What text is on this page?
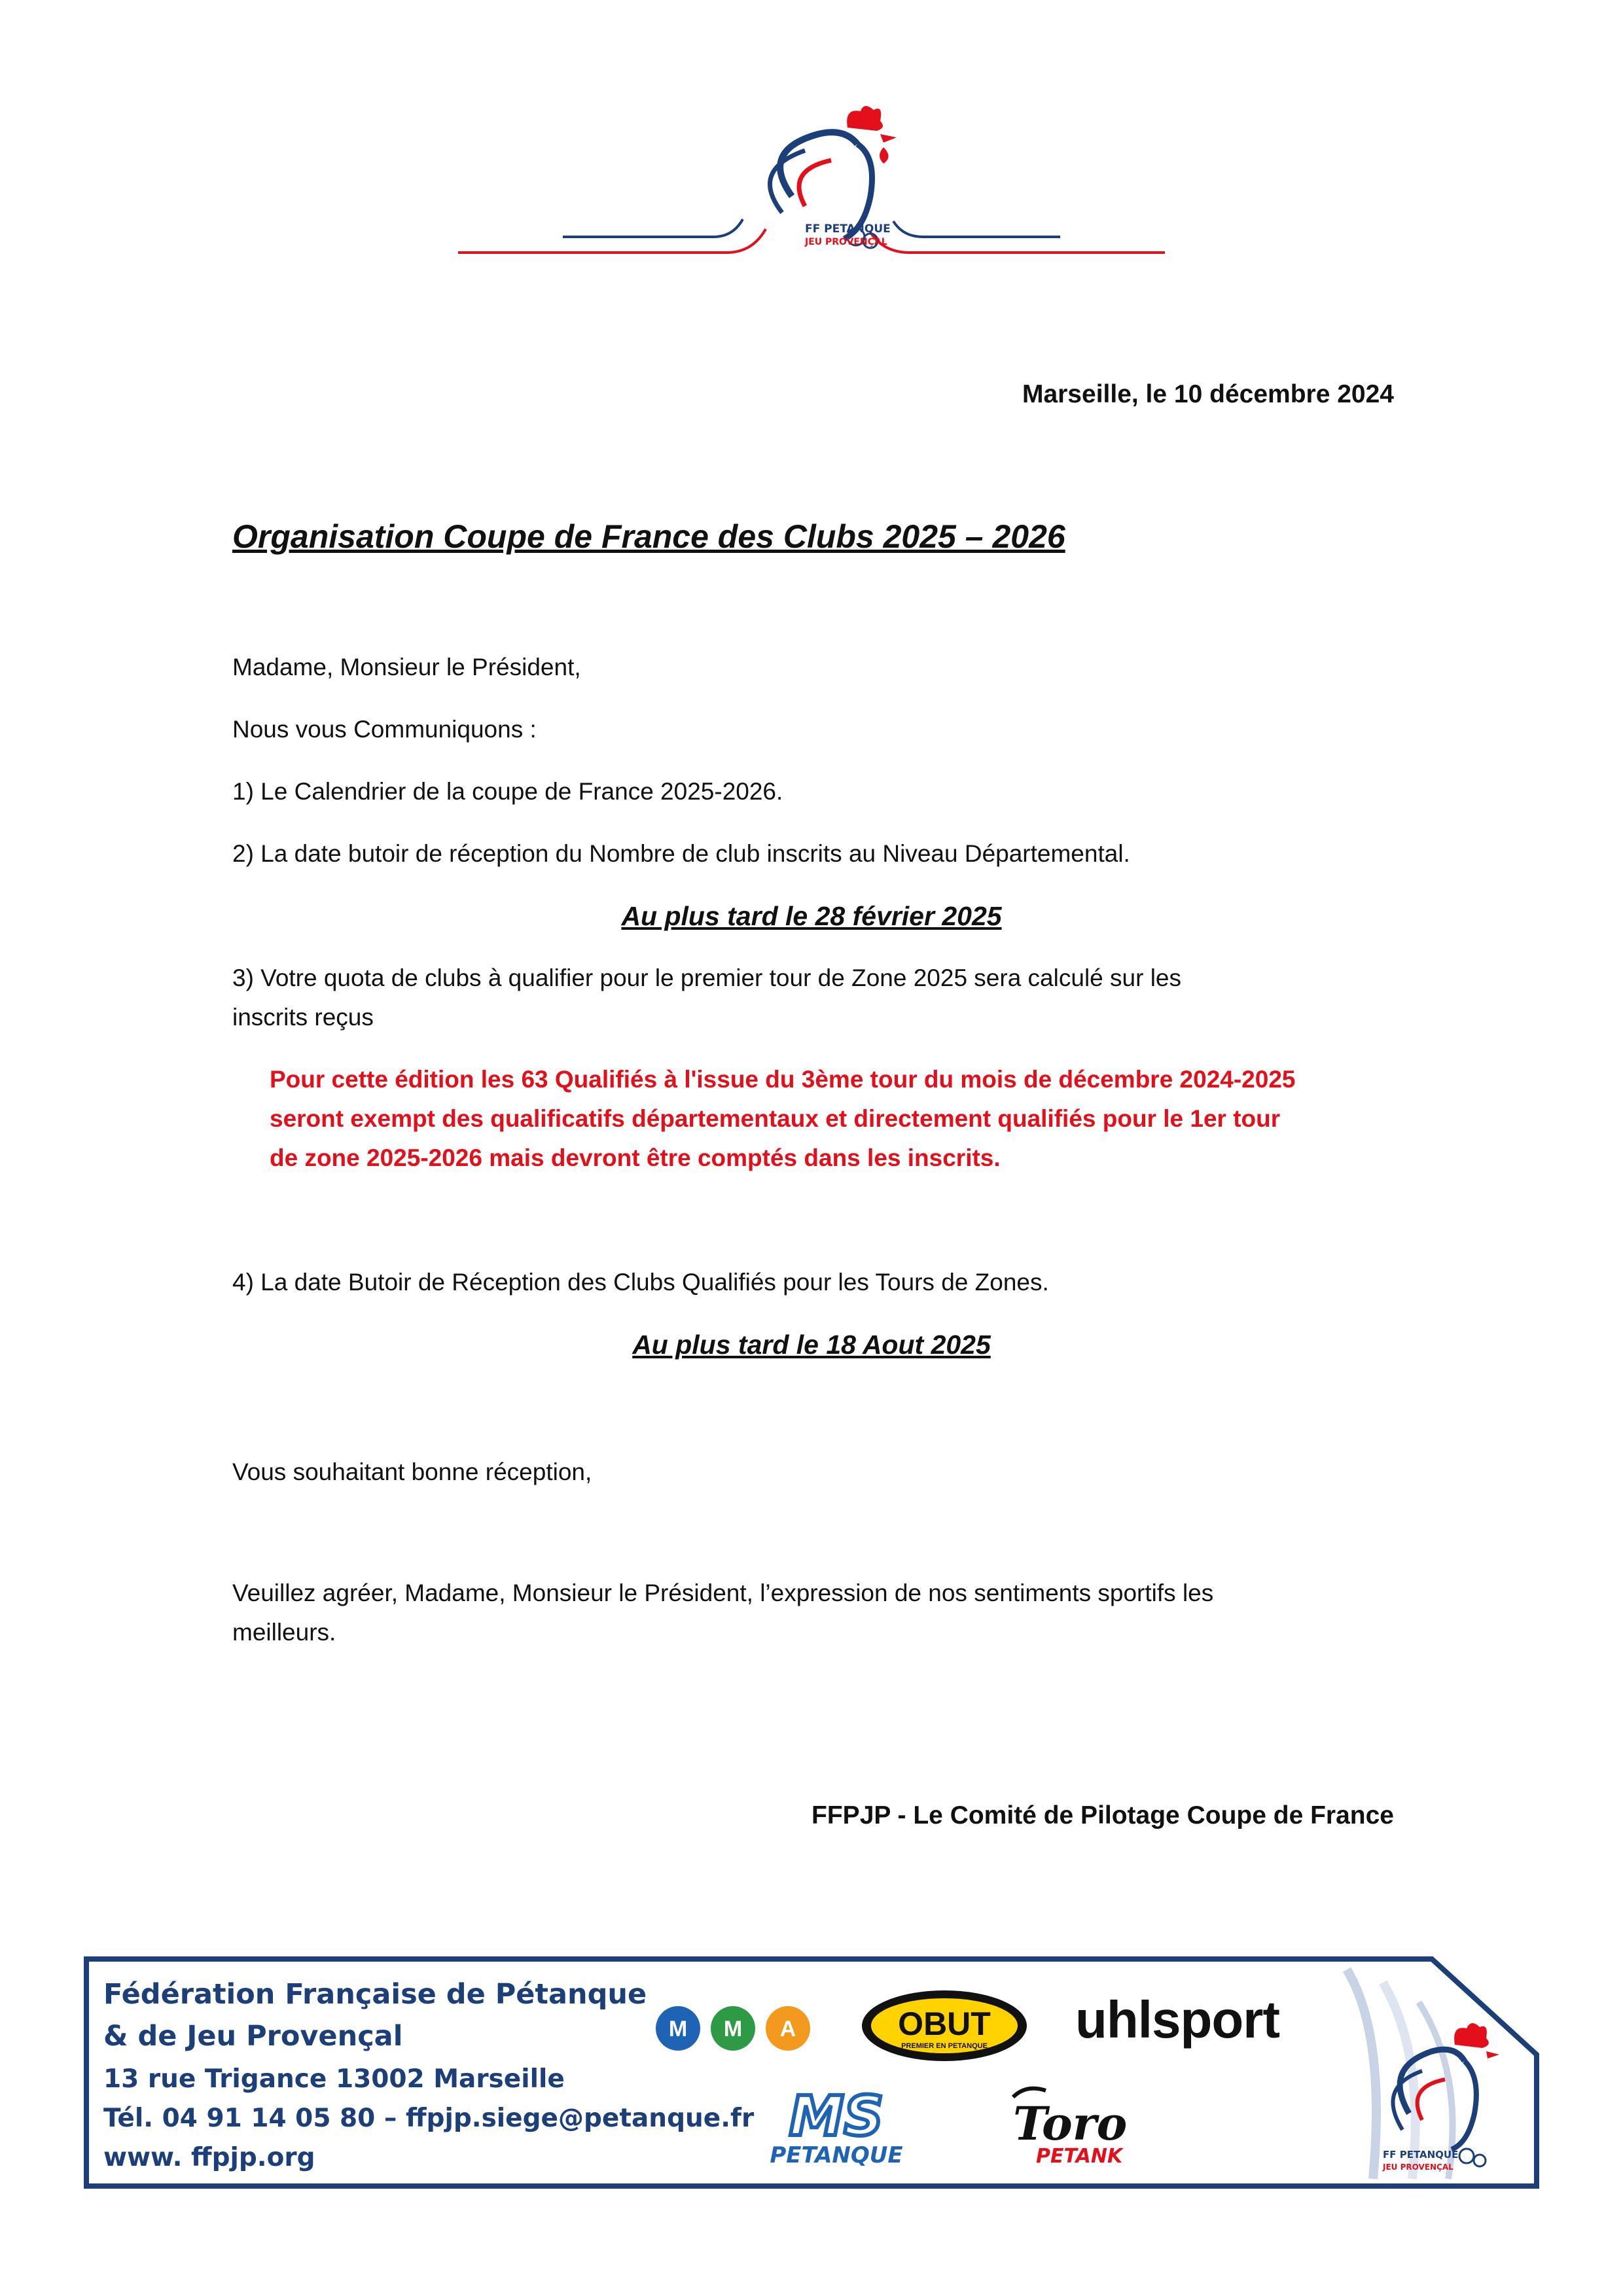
FF PETANQUE
JEU PROVENÇAL
Marseille, le 10 décembre 2024
Organisation Coupe de France des Clubs 2025 – 2026
Madame, Monsieur le Président,
Nous vous Communiquons :
1) Le Calendrier de la coupe de France 2025-2026.
2) La date butoir de réception du Nombre de club inscrits au Niveau Départemental.
Au plus tard le 28 février 2025
3) Votre quota de clubs à qualifier pour le premier tour de Zone 2025 sera calculé sur les
inscrits reçus
Pour cette édition les 63 Qualifiés à l'issue du 3ème tour du mois de décembre 2024-2025
seront exempt des qualificatifs départementaux et directement qualifiés pour le 1er tour
de zone 2025-2026 mais devront être comptés dans les inscrits.
4) La date Butoir de Réception des Clubs Qualifiés pour les Tours de Zones.
Au plus tard le 18 Aout 2025
Vous souhaitant bonne réception,
Veuillez agréer, Madame, Monsieur le Président, l’expression de nos sentiments sportifs les
meilleurs.
FFPJP - Le Comité de Pilotage Coupe de France
Fédération Française de Pétanque
& de Jeu Provençal
13 rue Trigance 13002 Marseille
Tél. 04 91 14 05 80 – ffpjp.siege@petanque.fr
www. ffpjp.org
M M A	OBUT
PREMIER EN PETANQUE uhlsport
MS
PETANQUE
Toro
PETANK	FF PETANQUE
JEU PROVENÇAL
